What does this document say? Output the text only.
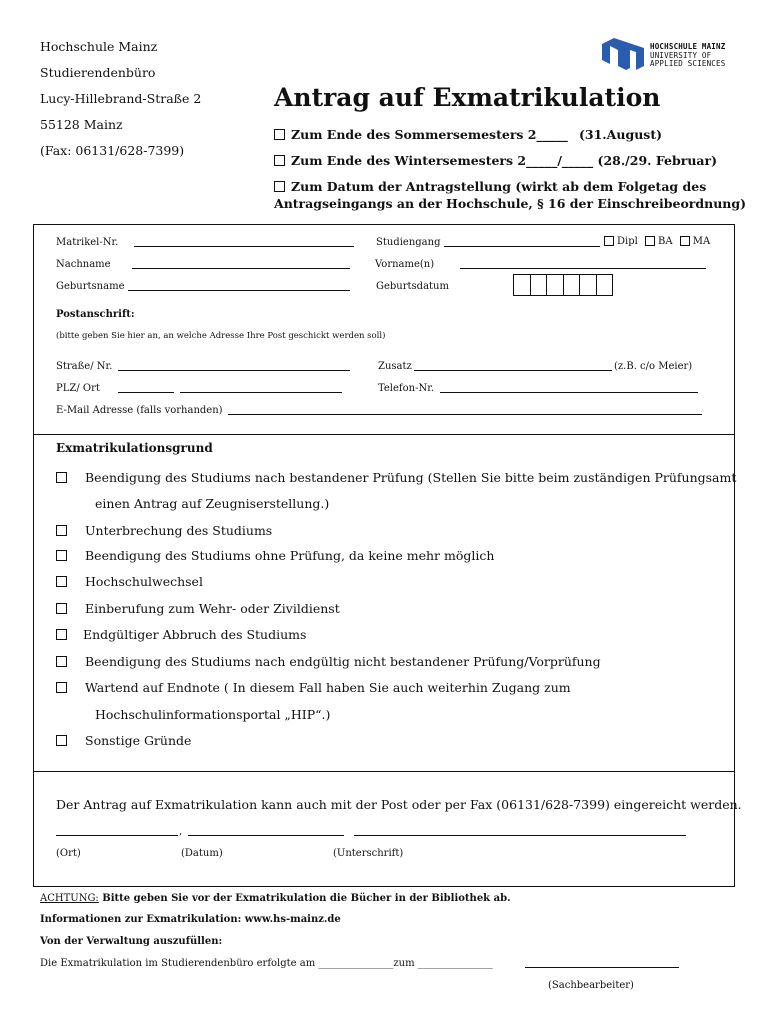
Hochschule Mainz
Studierendenbüro
Lucy-Hillebrand-Straße 2
55128 Mainz
(Fax: 06131/628-7399)
HOCHSCHULE MAINZ
UNIVERSITY OF
APPLIED SCIENCES
Antrag auf Exmatrikulation
Zum Ende des Sommersemesters 2_____ (31.August)
Zum Ende des Wintersemesters 2_____/_____ (28./29. Februar)
Zum Datum der Antragstellung (wirkt ab dem Folgetag des
Antragseingangs an der Hochschule, § 16 der Einschreibeordnung)
Matrikel-Nr.	Studiengang	Dipl BA MA
Nachname	Vorname(n)
Geburtsname	Geburtsdatum
Postanschrift:
(bitte geben Sie hier an, an welche Adresse Ihre Post geschickt werden soll)
Straße/ Nr.	Zusatz	(z.B. c/o Meier)
PLZ/ Ort	Telefon-Nr.
E-Mail Adresse (falls vorhanden)
Exmatrikulationsgrund
Beendigung des Studiums nach bestandener Prüfung (Stellen Sie bitte beim zuständigen Prüfungsamt
einen Antrag auf Zeugniserstellung.)
Unterbrechung des Studiums
Beendigung des Studiums ohne Prüfung, da keine mehr möglich
Hochschulwechsel
Einberufung zum Wehr- oder Zivildienst
Endgültiger Abbruch des Studiums
Beendigung des Studiums nach endgültig nicht bestandener Prüfung/Vorprüfung
Wartend auf Endnote ( In diesem Fall haben Sie auch weiterhin Zugang zum
Hochschulinformationsportal „HIP“.)
Sonstige Gründe
Der Antrag auf Exmatrikulation kann auch mit der Post oder per Fax (06131/628-7399) eingereicht werden.
,
(Ort)	(Datum)	(Unterschrift)
ACHTUNG: Bitte geben Sie vor der Exmatrikulation die Bücher in der Bibliothek ab.
Informationen zur Exmatrikulation: www.hs-mainz.de
Von der Verwaltung auszufüllen:
Die Exmatrikulation im Studierendenbüro erfolgte am _______________zum _______________
(Sachbearbeiter)
